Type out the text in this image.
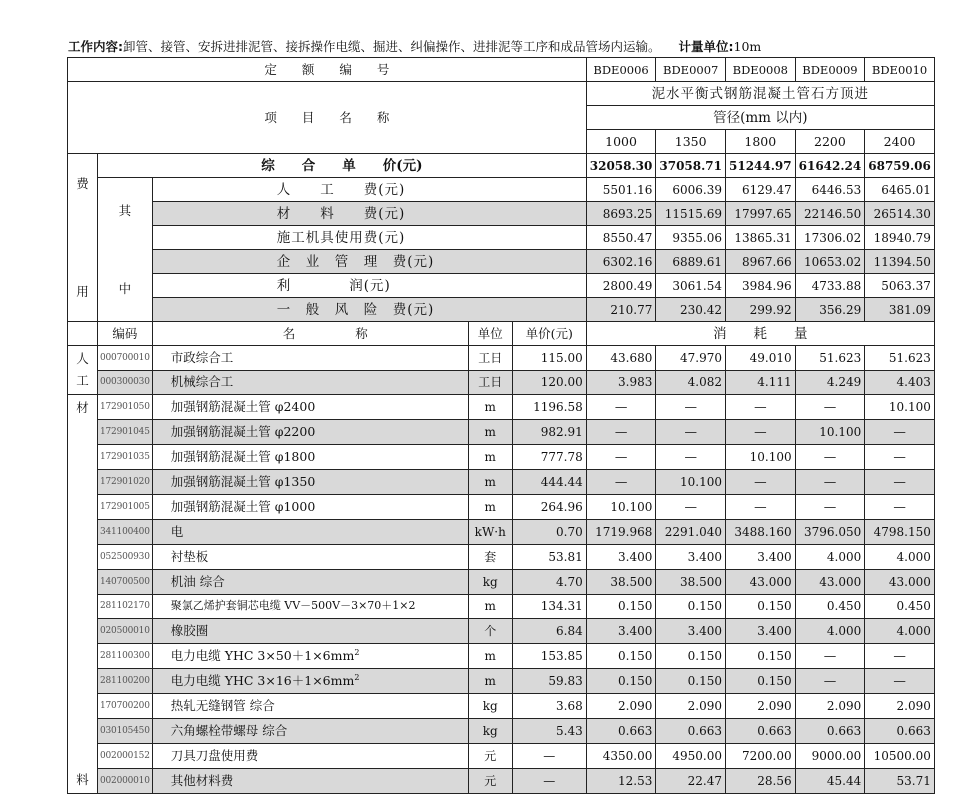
工作内容:卸管、接管、安拆进排泥管、接拆操作电缆、掘进、纠偏操作、进排泥等工序和成品管场内运输。 计量单位:10m
定　　额　　编　　号					BDE0006	BDE0007	BDE0008	BDE0009	BDE0010
项　　目　　名　　称					泥水平衡式钢筋混凝土管石方顶进				
					管径(mm 以内)				
					1000	1350	1800	2200	2400

费
用	综　　合　　单　　价(元)				32058.30	37058.71	51244.97	61642.24	68759.06

	其
中	人　　工　　费(元)			5501.16	6006.39	6129.47	6446.53	6465.01
		材　　料　　费(元)			8693.25	11515.69	17997.65	22146.50	26514.30
		施工机具使用费(元)			8550.47	9355.06	13865.31	17306.02	18940.79
		企　业　管　理　费(元)			6302.16	6889.61	8967.66	10653.02	11394.50
		利　　　　润(元)			2800.49	3061.54	3984.96	4733.88	5063.37
		一　般　风　险　费(元)			210.77	230.42	299.92	356.29	381.09
	编码	名 称	单位	单价(元)	消　　耗　　量				

人
工	000700010	市政综合工	工日	115.00	43.680	47.970	49.010	51.623	51.623
	000300030	机械综合工	工日	120.00	3.983	4.082	4.111	4.249	4.403

材
料	172901050	加强钢筋混凝土管 φ2400	m	1196.58	—	—	—	—	10.100
	172901045	加强钢筋混凝土管 φ2200	m	982.91	—	—	—	10.100	—
	172901035	加强钢筋混凝土管 φ1800	m	777.78	—	—	10.100	—	—
	172901020	加强钢筋混凝土管 φ1350	m	444.44	—	10.100	—	—	—
	172901005	加强钢筋混凝土管 φ1000	m	264.96	10.100	—	—	—	—
	341100400	电	kW·h	0.70	1719.968	2291.040	3488.160	3796.050	4798.150
	052500930	衬垫板	套	53.81	3.400	3.400	3.400	4.000	4.000
	140700500	机油 综合	kg	4.70	38.500	38.500	43.000	43.000	43.000
	281102170	聚氯乙烯护套铜芯电缆 VV－500V－3×70＋1×2	m	134.31	0.150	0.150	0.150	0.450	0.450
	020500010	橡胶圈	个	6.84	3.400	3.400	3.400	4.000	4.000
	281100300	电力电缆 YHC $3\times 50+1\times 6mm^2$	m	153.85	0.150	0.150	0.150	—	—
	281100200	电力电缆 YHC $3\times 16+1\times 6mm^2$	m	59.83	0.150	0.150	0.150	—	—
	170700200	热轧无缝钢管 综合	kg	3.68	2.090	2.090	2.090	2.090	2.090
	030105450	六角螺栓带螺母 综合	kg	5.43	0.663	0.663	0.663	0.663	0.663
	002000152	刀具刀盘使用费	元	—	4350.00	4950.00	7200.00	9000.00	10500.00
	002000010	其他材料费	元	—	12.53	22.47	28.56	45.44	53.71
